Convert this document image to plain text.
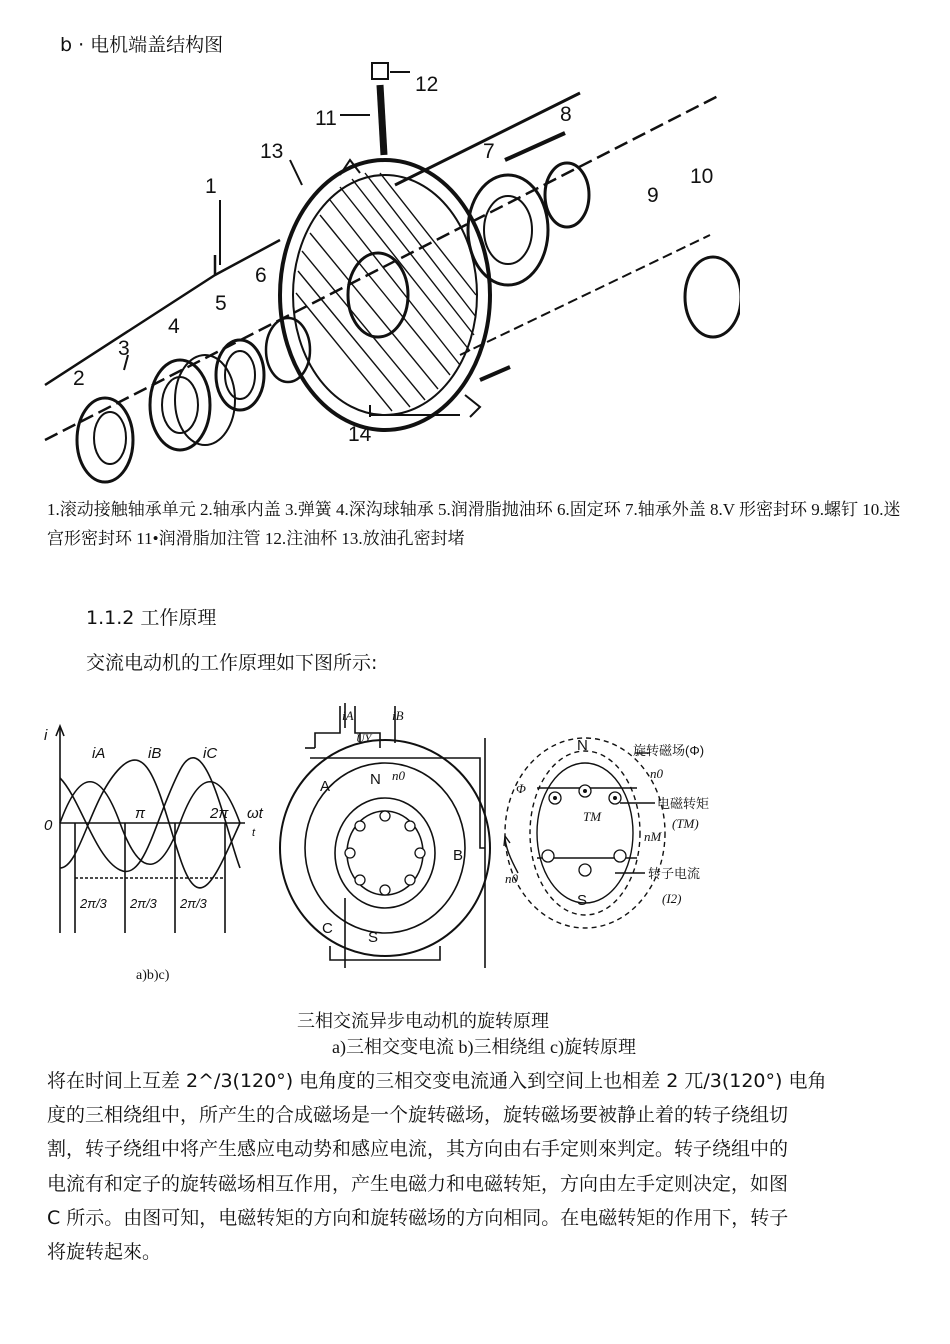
b · 电机端盖结构图
1
2
3
4
5
6
7
8
9
10
11
12
13
14
1.滚动接触轴承单元 2.轴承内盖 3.弹簧 4.深沟球轴承 5.润滑脂抛油环 6.固定环 7.轴承外盖 8.V 形密封环 9.螺钉 10.迷宫形密封环 11•润滑脂加注管 12.注油杯 13.放油孔密封堵
1.1.2 工作原理
交流电动机的工作原理如下图所示:
i
0
ωt
t
iA	iB	iC
π	2π
2π/3 2π/3 2π/3
iA	iB
UY
N
S
n0
A
B
C
N
S
Φ
旋转磁场(Φ)
电磁转矩
(TM)
转子电流
(I2)
n0
n0
TM
nM
a)b)c)
三相交流异步电动机的旋转原理
a)三相交变电流 b)三相绕组 c)旋转原理

将在时间上互差 2^/3(120°) 电角度的三相交变电流通入到空间上也相差 2 兀/3(120°) 电角

度的三相绕组中，所产生的合成磁场是一个旋转磁场，旋转磁场要被静止着的转子绕组切

割，转子绕组中将产生感应电动势和感应电流，其方向由右手定则來判定。转子绕组中的

电流有和定子的旋转磁场相互作用，产生电磁力和电磁转矩，方向由左手定则决定，如图

C 所示。由图可知，电磁转矩的方向和旋转磁场的方向相同。在电磁转矩的作用下，转子

将旋转起來。
